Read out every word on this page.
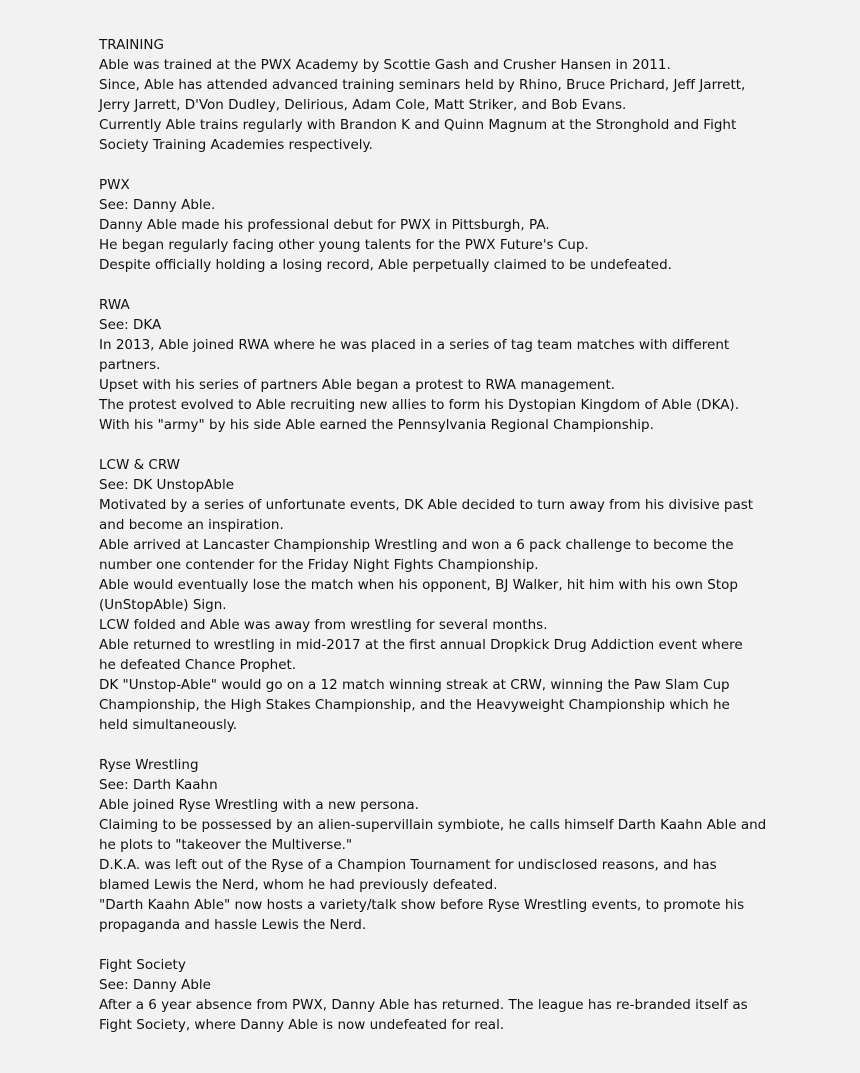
TRAINING
Able was trained at the PWX Academy by Scottie Gash and Crusher Hansen in 2011.
Since, Able has attended advanced training seminars held by Rhino, Bruce Prichard, Jeff Jarrett,
Jerry Jarrett, D'Von Dudley, Delirious, Adam Cole, Matt Striker, and Bob Evans.
Currently Able trains regularly with Brandon K and Quinn Magnum at the Stronghold and Fight
Society Training Academies respectively.
PWX
See: Danny Able.
Danny Able made his professional debut for PWX in Pittsburgh, PA.
He began regularly facing other young talents for the PWX Future's Cup.
Despite officially holding a losing record, Able perpetually claimed to be undefeated.
RWA
See: DKA
In 2013, Able joined RWA where he was placed in a series of tag team matches with different
partners.
Upset with his series of partners Able began a protest to RWA management.
The protest evolved to Able recruiting new allies to form his Dystopian Kingdom of Able (DKA).
With his "army" by his side Able earned the Pennsylvania Regional Championship.
LCW & CRW
See: DK UnstopAble
Motivated by a series of unfortunate events, DK Able decided to turn away from his divisive past
and become an inspiration.
Able arrived at Lancaster Championship Wrestling and won a 6 pack challenge to become the
number one contender for the Friday Night Fights Championship.
Able would eventually lose the match when his opponent, BJ Walker, hit him with his own Stop
(UnStopAble) Sign.
LCW folded and Able was away from wrestling for several months.
Able returned to wrestling in mid-2017 at the first annual Dropkick Drug Addiction event where
he defeated Chance Prophet.
DK "Unstop-Able" would go on a 12 match winning streak at CRW, winning the Paw Slam Cup
Championship, the High Stakes Championship, and the Heavyweight Championship which he
held simultaneously.
Ryse Wrestling
See: Darth Kaahn
Able joined Ryse Wrestling with a new persona.
Claiming to be possessed by an alien-supervillain symbiote, he calls himself Darth Kaahn Able and
he plots to "takeover the Multiverse."
D.K.A. was left out of the Ryse of a Champion Tournament for undisclosed reasons, and has
blamed Lewis the Nerd, whom he had previously defeated.
"Darth Kaahn Able" now hosts a variety/talk show before Ryse Wrestling events, to promote his
propaganda and hassle Lewis the Nerd.
Fight Society
See: Danny Able
After a 6 year absence from PWX, Danny Able has returned. The league has re-branded itself as
Fight Society, where Danny Able is now undefeated for real.
